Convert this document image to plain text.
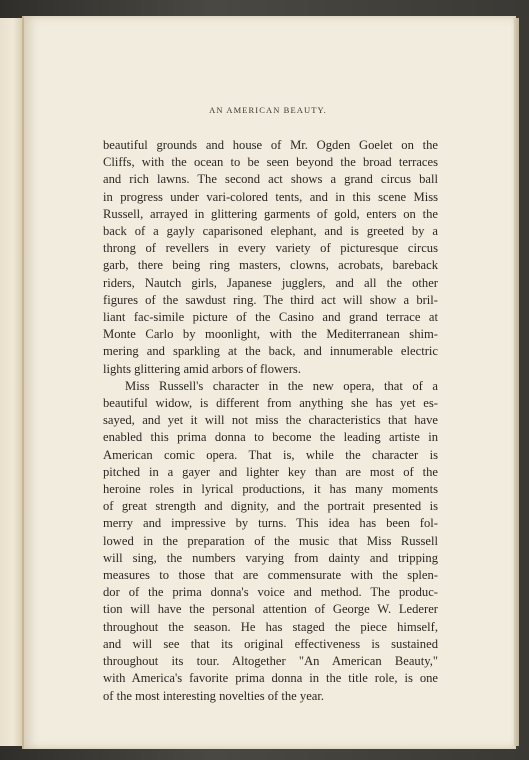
AN AMERICAN BEAUTY.
beautiful grounds and house of Mr. Ogden Goelet on the
Cliffs, with the ocean to be seen beyond the broad terraces
and rich lawns. The second act shows a grand circus ball
in progress under vari-colored tents, and in this scene Miss
Russell, arrayed in glittering garments of gold, enters on the
back of a gayly caparisoned elephant, and is greeted by a
throng of revellers in every variety of picturesque circus
garb, there being ring masters, clowns, acrobats, bareback
riders, Nautch girls, Japanese jugglers, and all the other
figures of the sawdust ring. The third act will show a bril-
liant fac-simile picture of the Casino and grand terrace at
Monte Carlo by moonlight, with the Mediterranean shim-
mering and sparkling at the back, and innumerable electric
lights glittering amid arbors of flowers.
Miss Russell's character in the new opera, that of a
beautiful widow, is different from anything she has yet es-
sayed, and yet it will not miss the characteristics that have
enabled this prima donna to become the leading artiste in
American comic opera. That is, while the character is
pitched in a gayer and lighter key than are most of the
heroine roles in lyrical productions, it has many moments
of great strength and dignity, and the portrait presented is
merry and impressive by turns. This idea has been fol-
lowed in the preparation of the music that Miss Russell
will sing, the numbers varying from dainty and tripping
measures to those that are commensurate with the splen-
dor of the prima donna's voice and method. The produc-
tion will have the personal attention of George W. Lederer
throughout the season. He has staged the piece himself,
and will see that its original effectiveness is sustained
throughout its tour. Altogether "An American Beauty,"
with America's favorite prima donna in the title role, is one
of the most interesting novelties of the year.
